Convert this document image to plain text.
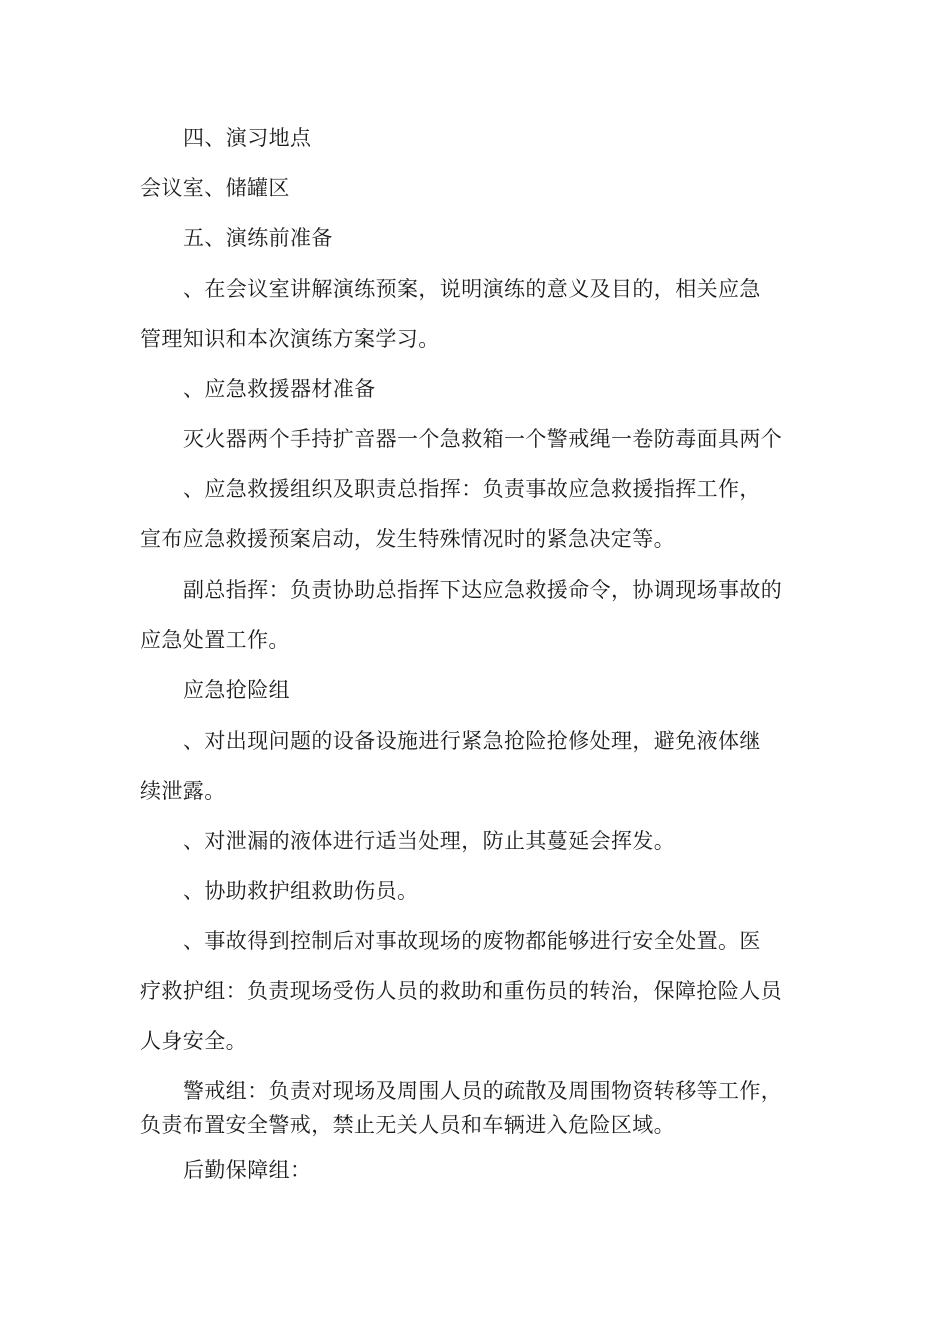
四、演习地点
会议室、储罐区
五、演练前准备
、在会议室讲解演练预案，说明演练的意义及目的，相关应急
管理知识和本次演练方案学习。
、应急救援器材准备
灭火器两个手持扩音器一个急救箱一个警戒绳一卷防毒面具两个
、应急救援组织及职责总指挥：负责事故应急救援指挥工作，
宣布应急救援预案启动，发生特殊情况时的紧急决定等。
副总指挥：负责协助总指挥下达应急救援命令，协调现场事故的
应急处置工作。
应急抢险组
、对出现问题的设备设施进行紧急抢险抢修处理，避免液体继
续泄露。
、对泄漏的液体进行适当处理，防止其蔓延会挥发。
、协助救护组救助伤员。
、事故得到控制后对事故现场的废物都能够进行安全处置。医
疗救护组：负责现场受伤人员的救助和重伤员的转治，保障抢险人员
人身安全。
警戒组：负责对现场及周围人员的疏散及周围物资转移等工作，
负责布置安全警戒，禁止无关人员和车辆进入危险区域。
后勤保障组：
